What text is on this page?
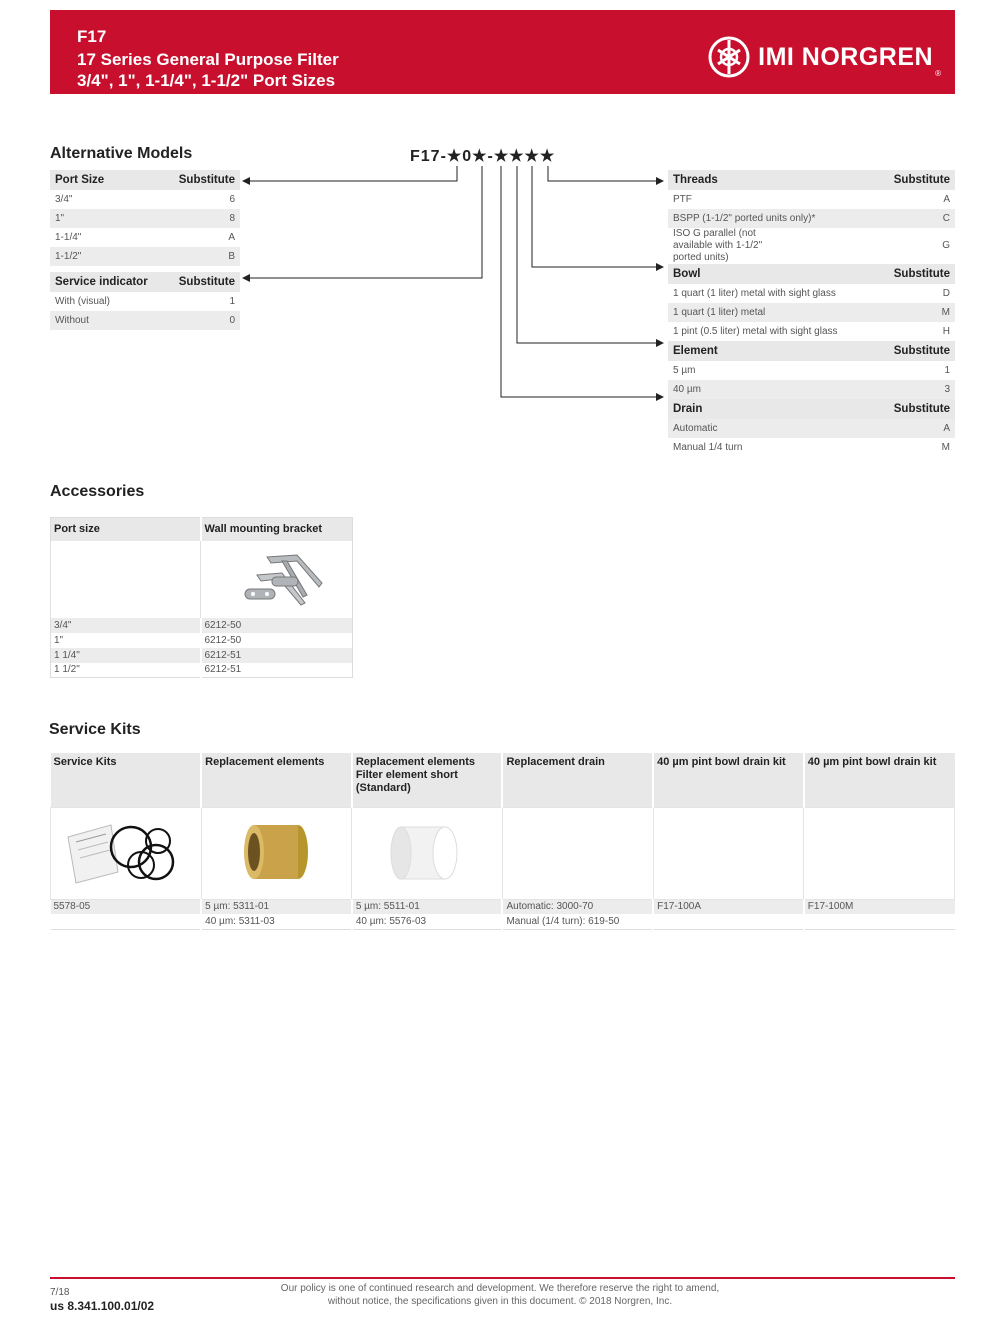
F17
17 Series General Purpose Filter
3/4", 1", 1-1/4", 1-1/2" Port Sizes
IMI NORGREN
®
Alternative Models	F17-★0★-★★★★
Port Size	Substitute
3/4"	6
1"	8
1-1/4"	A
1-1/2"	B
Service indicator	Substitute
With (visual)	1
Without	0
Threads	Substitute
PTF	A
BSPP (1-1/2" ported units only)*	C
ISO G parallel (not available with 1-1/2" ported units)	G
Bowl	Substitute
1 quart (1 liter) metal with sight glass	D
1 quart (1 liter) metal	M
1 pint (0.5 liter) metal with sight glass	H
Element	Substitute
5 µm	1
40 µm	3
Drain	Substitute
Automatic	A
Manual 1/4 turn	M
Accessories
Port size	Wall mounting bracket

3/4"	6212-50
1"	6212-50
1 1/4"	6212-51
1 1/2"	6212-51
Service Kits
Service Kits	Replacement elements	Replacement elements Filter element short (Standard)	Replacement drain	40 µm pint bowl drain kit	40 µm pint bowl drain kit

5578-05	5 µm: 5311-01	5 µm: 5511-01	Automatic: 3000-70	F17-100A	F17-100M
	40 µm: 5311-03	40 µm: 5576-03	Manual (1/4 turn): 619-50		
7/18
us 8.341.100.01/02
Our policy is one of continued research and development. We therefore reserve the right to amend,
without notice, the specifications given in this document. © 2018 Norgren, Inc.
